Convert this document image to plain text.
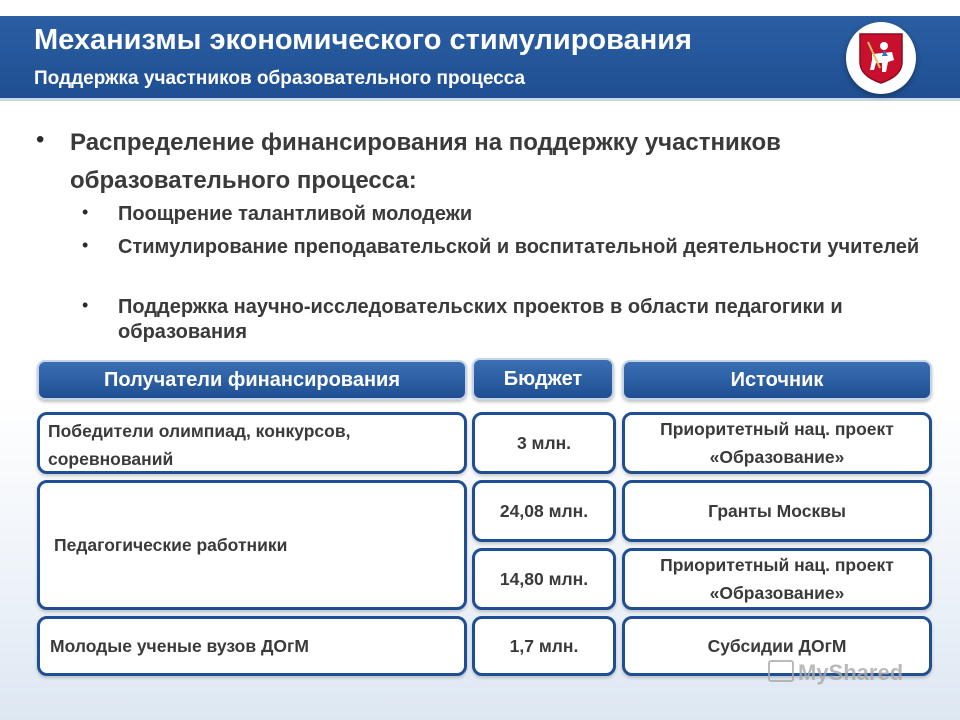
Механизмы экономического стимулирования
Поддержка участников образовательного процесса
• Распределение финансирования на поддержку участников образовательного процесса:
• Поощрение талантливой молодежи
• Стимулирование преподавательской и воспитательной деятельности учителей
• Поддержка научно-исследовательских проектов в области педагогики и образования
Получатели финансирования	Бюджет	Источник
Победители олимпиад, конкурсов, соревнований
Педагогические работники
Молодые ученые вузов ДОгМ
3 млн.
24,08 млн.
14,80 млн.
1,7 млн.
Приоритетный нац. проект «Образование»
Гранты Москвы
Приоритетный нац. проект «Образование»
Субсидии ДОгМ
MyShared
